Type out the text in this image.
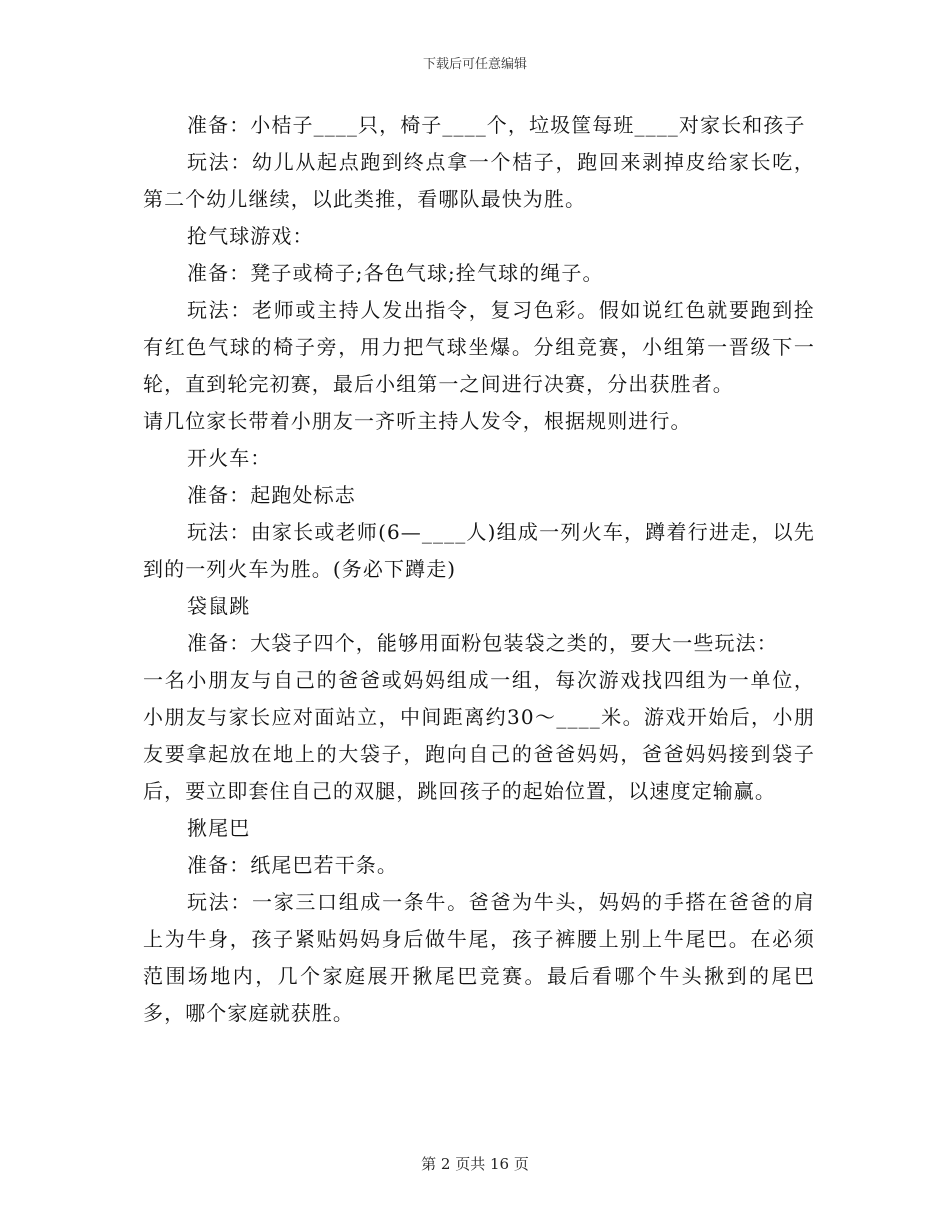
下载后可任意编辑

准备：小桔子____只，椅子____个，垃圾筐每班____对家长和孩子

玩法：幼儿从起点跑到终点拿一个桔子，跑回来剥掉皮给家长吃，第二个幼儿继续，以此类推，看哪队最快为胜。

抢气球游戏：

准备：凳子或椅子;各色气球;拴气球的绳子。

玩法：老师或主持人发出指令，复习色彩。假如说红色就要跑到拴有红色气球的椅子旁，用力把气球坐爆。分组竞赛，小组第一晋级下一轮，直到轮完初赛，最后小组第一之间进行决赛，分出获胜者。

请几位家长带着小朋友一齐听主持人发令，根据规则进行。

开火车：

准备：起跑处标志

玩法：由家长或老师(6—____人)组成一列火车，蹲着行进走，以先到的一列火车为胜。(务必下蹲走)

袋鼠跳

准备：大袋子四个，能够用面粉包装袋之类的，要大一些玩法：

一名小朋友与自己的爸爸或妈妈组成一组，每次游戏找四组为一单位，小朋友与家长应对面站立，中间距离约30～____米。游戏开始后，小朋友要拿起放在地上的大袋子，跑向自己的爸爸妈妈，爸爸妈妈接到袋子后，要立即套住自己的双腿，跳回孩子的起始位置，以速度定输赢。

揪尾巴

准备：纸尾巴若干条。

玩法：一家三口组成一条牛。爸爸为牛头，妈妈的手搭在爸爸的肩上为牛身，孩子紧贴妈妈身后做牛尾，孩子裤腰上别上牛尾巴。在必须范围场地内，几个家庭展开揪尾巴竞赛。最后看哪个牛头揪到的尾巴多，哪个家庭就获胜。

第 2 页共 16 页
